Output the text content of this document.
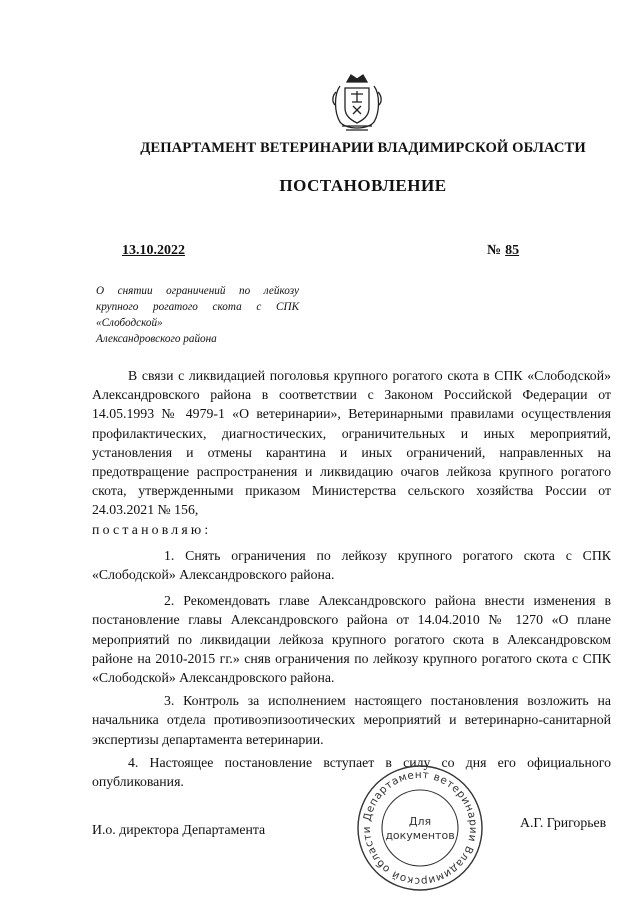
ДЕПАРТАМЕНТ ВЕТЕРИНАРИИ ВЛАДИМИРСКОЙ ОБЛАСТИ
ПОСТАНОВЛЕНИЕ
13.10.2022	№ 85
О снятии ограничений по лейкозу крупного рогатого скота с СПК «Слободской»
Александровского района

В связи с ликвидацией поголовья крупного рогатого скота в СПК «Слободской» Александровского района в соответствии с Законом Российской Федерации от 14.05.1993 № 4979-1 «О ветеринарии», Ветеринарными правилами осуществления профилактических, диагностических, ограничительных и иных мероприятий, установления и отмены карантина и иных ограничений, направленных на предотвращение распространения и ликвидацию очагов лейкоза крупного рогатого скота, утвержденными приказом Министерства сельского хозяйства России от 24.03.2021 № 156,

постановляю:

1. Снять ограничения по лейкозу крупного рогатого скота с СПК «Слободской» Александровского района.

2. Рекомендовать главе Александровского района внести изменения в постановление главы Александровского района от 14.04.2010 № 1270 «О плане мероприятий по ликвидации лейкоза крупного рогатого скота в Александровском районе на 2010-2015 гг.» сняв ограничения по лейкозу крупного рогатого скота с СПК «Слободской» Александровского района.

3. Контроль за исполнением настоящего постановления возложить на начальника отдела противоэпизоотических мероприятий и ветеринарно-санитарной экспертизы департамента ветеринарии.

4. Настоящее постановление вступает в силу со дня его официального опубликования.

И.о. директора Департамента	А.Г. Григорьев
Департамент ветеринарии Владимирской области
Для
документов
